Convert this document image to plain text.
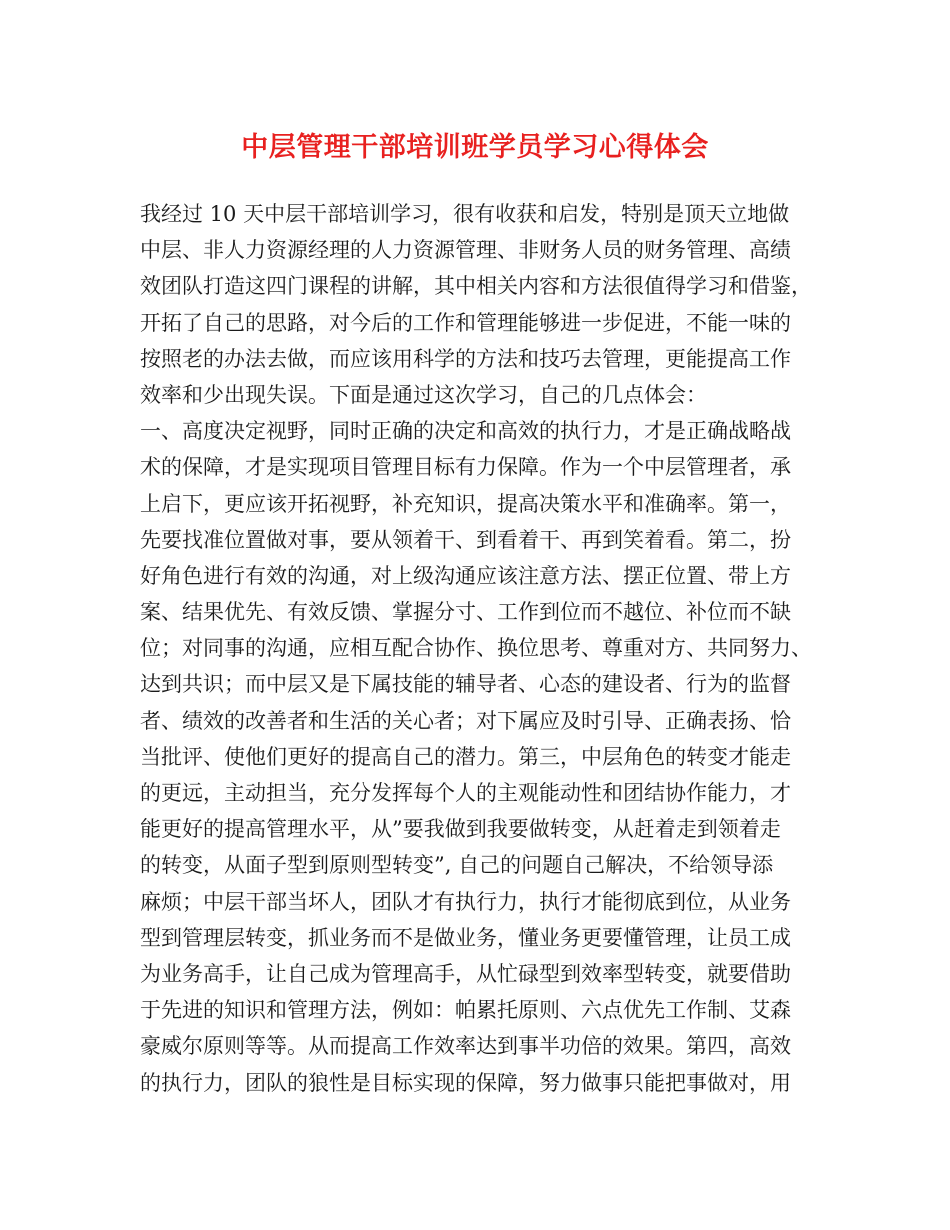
中层管理干部培训班学员学习心得体会
我经过 10 天中层干部培训学习，很有收获和启发，特别是顶天立地做
中层、非人力资源经理的人力资源管理、非财务人员的财务管理、高绩
效团队打造这四门课程的讲解，其中相关内容和方法很值得学习和借鉴，
开拓了自己的思路，对今后的工作和管理能够进一步促进，不能一味的
按照老的办法去做，而应该用科学的方法和技巧去管理，更能提高工作
效率和少出现失误。下面是通过这次学习，自己的几点体会：
一、高度决定视野，同时正确的决定和高效的执行力，才是正确战略战
术的保障，才是实现项目管理目标有力保障。作为一个中层管理者，承
上启下，更应该开拓视野，补充知识，提高决策水平和准确率。第一，
先要找准位置做对事，要从领着干、到看着干、再到笑着看。第二，扮
好角色进行有效的沟通，对上级沟通应该注意方法、摆正位置、带上方
案、结果优先、有效反馈、掌握分寸、工作到位而不越位、补位而不缺
位；对同事的沟通，应相互配合协作、换位思考、尊重对方、共同努力、
达到共识；而中层又是下属技能的辅导者、心态的建设者、行为的监督
者、绩效的改善者和生活的关心者；对下属应及时引导、正确表扬、恰
当批评、使他们更好的提高自己的潜力。第三，中层角色的转变才能走
的更远，主动担当，充分发挥每个人的主观能动性和团结协作能力，才
能更好的提高管理水平，从”要我做到我要做转变，从赶着走到领着走
的转变，从面子型到原则型转变”, 自己的问题自己解决，不给领导添
麻烦；中层干部当坏人，团队才有执行力，执行才能彻底到位，从业务
型到管理层转变，抓业务而不是做业务，懂业务更要懂管理，让员工成
为业务高手，让自己成为管理高手，从忙碌型到效率型转变，就要借助
于先进的知识和管理方法，例如：帕累托原则、六点优先工作制、艾森
豪威尔原则等等。从而提高工作效率达到事半功倍的效果。第四，高效
的执行力，团队的狼性是目标实现的保障，努力做事只能把事做对，用
